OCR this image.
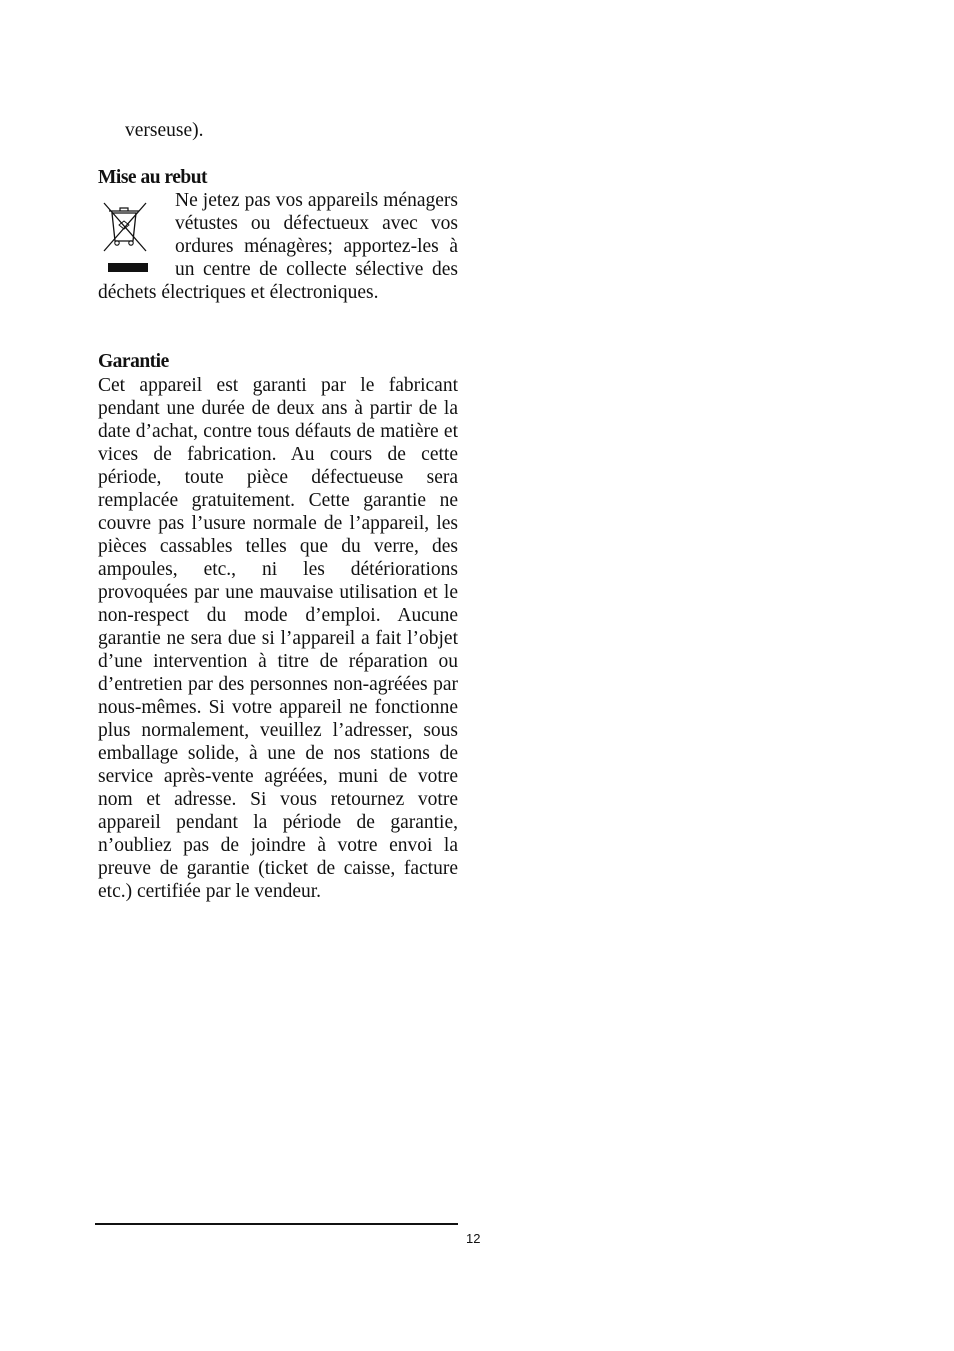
verseuse).
Mise au rebut

Ne jetez pas vos appareils ménagers vétustes ou défectueux avec vos ordures ménagères; apportez-les à un centre de collecte sélective des déchets électriques et électroniques.

Garantie

Cet appareil est garanti par le fabricant pendant une durée de deux ans à partir de la date d’achat, contre tous défauts de matière et vices de fabrication. Au cours de cette période, toute pièce défectueuse sera remplacée gratuitement. Cette garantie ne couvre pas l’usure normale de l’appareil, les pièces cassables telles que du verre, des ampoules, etc., ni les détériorations provoquées par une mauvaise utilisation et le non-respect du mode d’emploi. Aucune garantie ne sera due si l’appareil a fait l’objet d’une intervention à titre de réparation ou d’entretien par des personnes non-agréées par nous-mêmes. Si votre appareil ne fonctionne plus normalement, veuillez l’adresser, sous emballage solide, à une de nos stations de service après-vente agréées, muni de votre nom et adresse. Si vous retournez votre appareil pendant la période de garantie, n’oubliez pas de joindre à votre envoi la preuve de garantie (ticket de caisse, facture etc.) certifiée par le vendeur.

12
